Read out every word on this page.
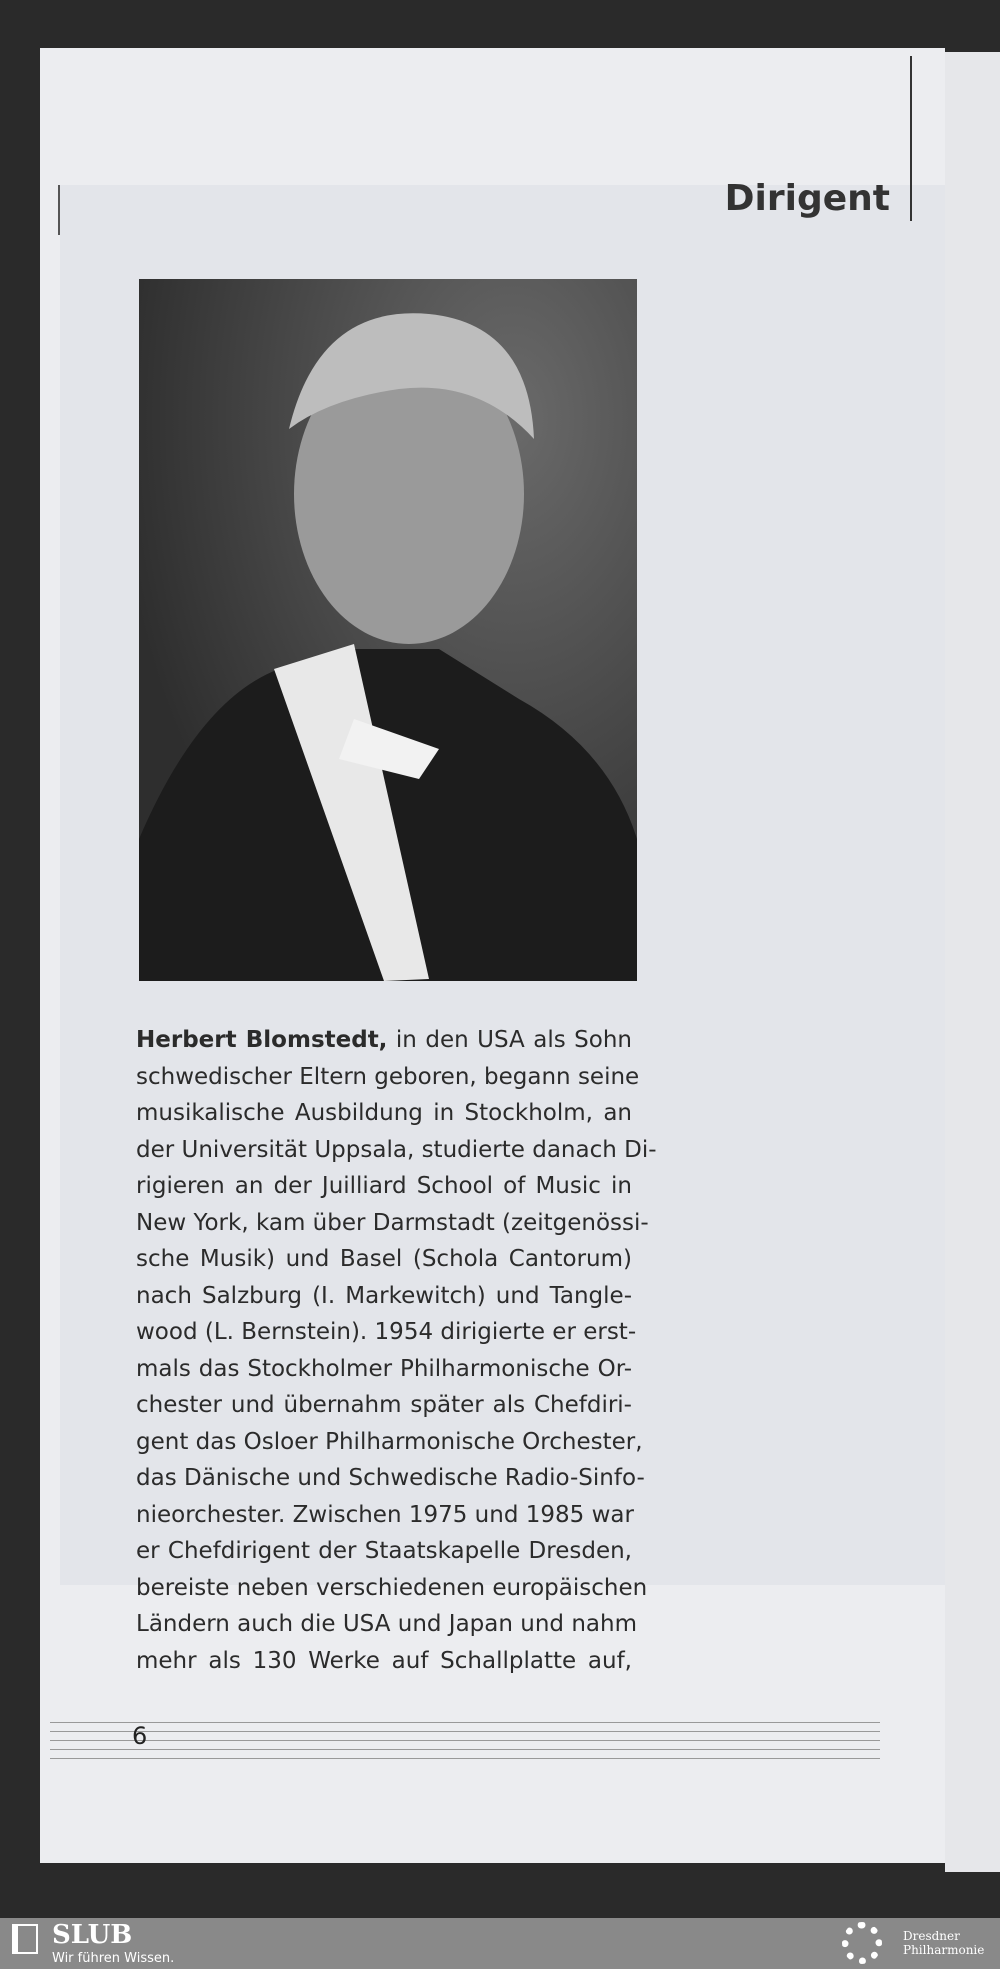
Dirigent
Herbert Blomstedt, in den USA als Sohn
schwedischer Eltern geboren, begann seine
musikalische Ausbildung in Stockholm, an
der Universität Uppsala, studierte danach Di-
rigieren an der Juilliard School of Music in
New York, kam über Darmstadt (zeitgenössi-
sche Musik) und Basel (Schola Cantorum)
nach Salzburg (I. Markewitch) und Tangle-
wood (L. Bernstein). 1954 dirigierte er erst-
mals das Stockholmer Philharmonische Or-
chester und übernahm später als Chefdiri-
gent das Osloer Philharmonische Orchester,
das Dänische und Schwedische Radio-Sinfo-
nieorchester. Zwischen 1975 und 1985 war
er Chefdirigent der Staatskapelle Dresden,
bereiste neben verschiedenen europäischen
Ländern auch die USA und Japan und nahm
mehr als 130 Werke auf Schallplatte auf,
6
SLUB
Wir führen Wissen.
Dresdner
Philharmonie
